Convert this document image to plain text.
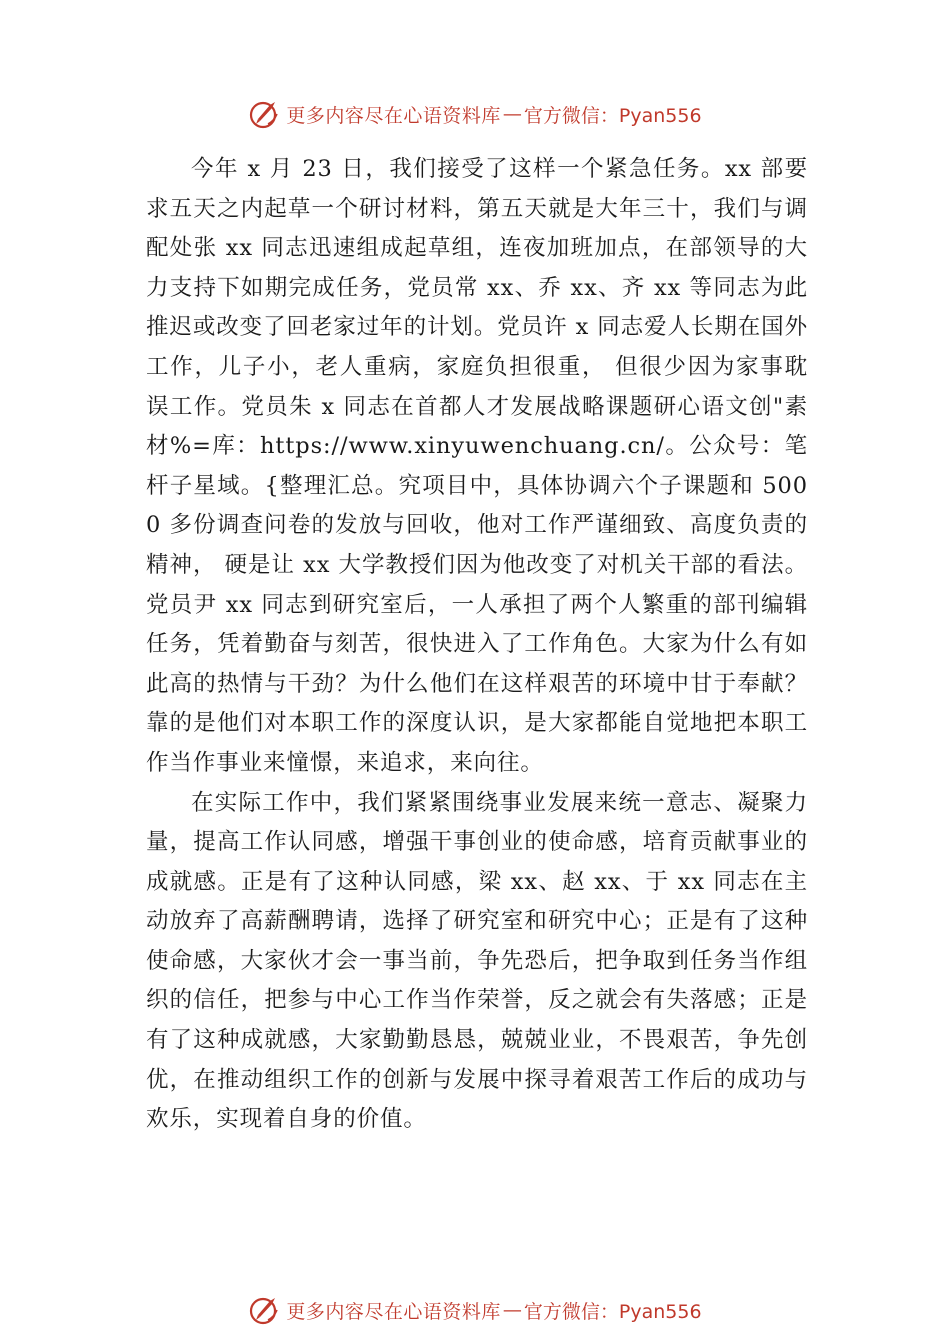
更多内容尽在心语资料库 — 官方微信：Pyan556

今年 x 月 23 日，我们接受了这样一个紧急任务。xx 部要求五天之内起草一个研讨材料，第五天就是大年三十，我们与调配处张 xx 同志迅速组成起草组，连夜加班加点，在部领导的大力支持下如期完成任务，党员常 xx、乔 xx、齐 xx 等同志为此推迟或改变了回老家过年的计划。党员许 x 同志爱人长期在国外工作，儿子小，老人重病，家庭负担很重， 但很少因为家事耽误工作。党员朱 x 同志在首都人才发展战略课题研心语文创"素材%=库：https://www.xinyuwenchuang.cn/。公众号：笔杆子星域。{整理汇总。究项目中，具体协调六个子课题和 5000 多份调查问卷的发放与回收，他对工作严谨细致、高度负责的精神， 硬是让 xx 大学教授们因为他改变了对机关干部的看法。党员尹 xx 同志到研究室后，一人承担了两个人繁重的部刊编辑任务，凭着勤奋与刻苦，很快进入了工作角色。大家为什么有如此高的热情与干劲？为什么他们在这样艰苦的环境中甘于奉献？靠的是他们对本职工作的深度认识，是大家都能自觉地把本职工作当作事业来憧憬，来追求，来向往。

在实际工作中，我们紧紧围绕事业发展来统一意志、凝聚力量，提高工作认同感，增强干事创业的使命感，培育贡献事业的成就感。正是有了这种认同感，梁 xx、赵 xx、于 xx 同志在主动放弃了高薪酬聘请，选择了研究室和研究中心；正是有了这种使命感，大家伙才会一事当前，争先恐后，把争取到任务当作组织的信任，把参与中心工作当作荣誉，反之就会有失落感；正是有了这种成就感，大家勤勤恳恳，兢兢业业，不畏艰苦，争先创优，在推动组织工作的创新与发展中探寻着艰苦工作后的成功与欢乐，实现着自身的价值。

更多内容尽在心语资料库 — 官方微信：Pyan556
